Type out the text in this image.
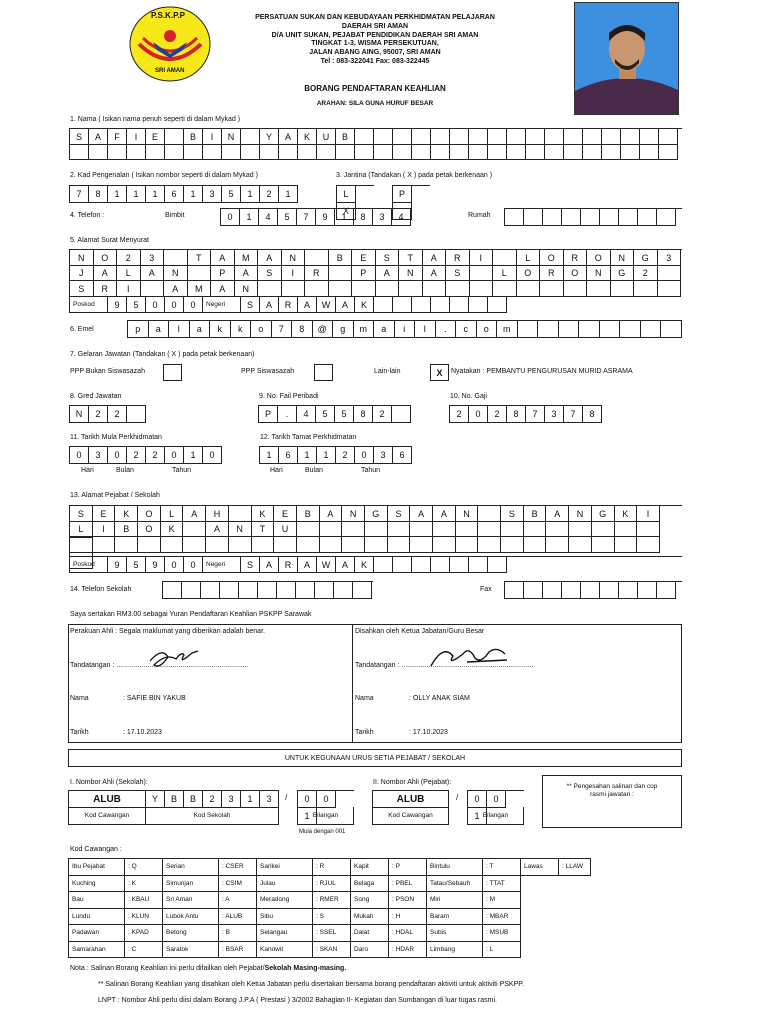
P.S.K.P.P
SRI AMAN
PERSATUAN SUKAN DAN KEBUDAYAAN PERKHIDMATAN PELAJARAN
DAERAH SRI AMAN
D/A UNIT SUKAN, PEJABAT PENDIDIKAN DAERAH SRI AMAN
TINGKAT 1-3, WISMA PERSEKUTUAN,
JALAN ABANG AING, 95007, SRI AMAN
Tel : 083-322041 Fax: 083-322445
BORANG PENDAFTARAN KEAHLIAN
ARAHAN: SILA GUNA HURUF BESAR
1. Nama ( Isikan nama penuh seperti di dalam Mykad )
S	A	F	I	E	B	I	N	Y	A	K	U	B
2. Kad Pengenalan ( Isikan nombor seperti di dalam Mykad )
7	8	1	1	1	6	1	3	5	1	2	1
3. Jantina (Tandakan ( X ) pada petak berkenaan )
L
X
P
4. Telefon :	Bimbit	0	1	4	5	7	9	1	8	3	4	Rumah
5. Alamat Surat Menyurat
N	O	2	3	T	A	M	A	N	B	E	S	T	A	R	I	L	O	R	O	N	G	3
J	A	L	A	N	P	A	S	I	R	P	A	N	A	S	L	O	R	O	N	G	2
S	R	I	A	M	A	N
Poskod	9	5	0	0	0	Negeri	S	A	R	A	W	A	K
6. Emel	p	a	l	a	k	k	o	7	8	@	g	m	a	i	l	.	c	o	m
7. Gelaran Jawatan (Tandakan ( X ) pada petak berkenaan)
PPP Bukan Siswasazah	PPP Siswasazah	Lain-lain	X	Nyatakan : PEMBANTU PENGURUSAN MURID ASRAMA
8. Gred Jawatan
N	2	2
9. No. Fail Peribadi
P	.	4	5	5	8	2
10. No. Gaji
2	0	2	8	7	3	7	8
11. Tarikh Mula Perkhidmatan
0	3	0	2	2	0	1	0
Hari	Bulan	Tahun
12. Tarikh Tamat Perkhidmatan
1	6	1	1	2	0	3	6
Hari	Bulan	Tahun
13. Alamat Pejabat / Sekolah
S	E	K	O	L	A	H	K	E	B	A	N	G	S	A	A	N	S	B	A	N	G	K	I
L	I	B	O	K	A	N	T	U
Poskod	9	5	9	0	0	Negeri	S	A	R	A	W	A	K
14. Telefon Sekolah	Fax
Saya sertakan RM3.00 sebagai Yuran Pendaftaran Keahlian PSKPP Sarawak
Perakuan Ahli : Segala maklumat yang diberikan adalah benar.	Disahkan oleh Ketua Jabatan/Guru Besar
Tandatangan : ....................................................................	Tandatangan : ....................................................................
Nama	: SAFIE BIN YAKUB	Nama	: OLLY ANAK SIAM
Tarikh	: 17.10.2023	Tarikh	: 17.10.2023
UNTUK KEGUNAAN URUS SETIA PEJABAT / SEKOLAH
I. Nombor Ahli (Sekolah):	II. Nombor Ahli (Pejabat):
ALUB	Y	B	B	2	3	1	3	/	0	0
1
Kod Cawangan	Kod Sekolah	Bilangan
Mula dengan 001
ALUB	/	0	0
1
Kod Cawangan	Bilangan
** Pengesahan salinan dan cop rasmi jawatan :
Kod Cawangan :
Ibu Pejabat	: Q	Serian	: CSER	Sarikei	: R	Kapit	: P	Bintulu	: T	Lawas	: LLAW
Kuching	: K	Simunjan	: CSIM	Julau	: RJUL	Belaga	: PBEL	Tatau/Sebauh	: TTAT		
Bau	: KBAU	Sri Aman	: A	Meradong	: RMER	Song	: PSON	Miri	: M		
Lundu	: KLUN	Lubok Antu	: ALUB	Sibu	: S	Mukah	: H	Baram	: MBAR		
Padawan	: KPAD	Betong	: B	Selangau	: SSEL	Dalat	: HDAL	Subis	: MSUB		
Samarahan	: C	Saratok	: BSAR	Kanowit	: SKAN	Daro	: HDAR	Limbang	: L		
Nota : Salinan Borang Keahlian ini perlu difailkan oleh Pejabat/Sekolah Masing-masing.
** Salinan Borang Keahlian yang disahkan oleh Ketua Jabatan perlu disertakan bersama borang pendaftaran aktiviti untuk aktiviti PSKPP.
LNPT : Nombor Ahli perlu diisi dalam Borang J.P.A ( Prestasi ) 3/2002 Bahagian II- Kegiatan dan Sumbangan di luar tugas rasmi.
